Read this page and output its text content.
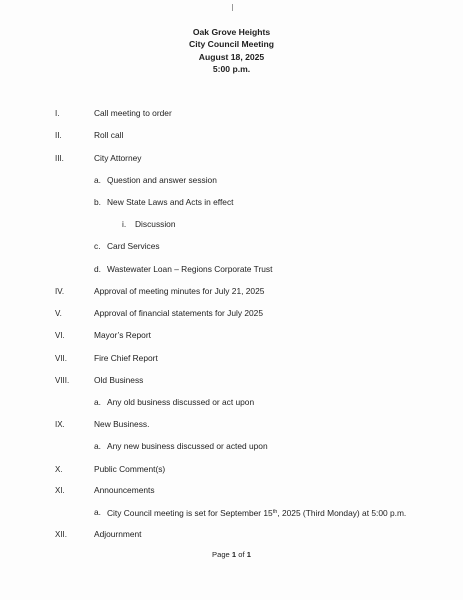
Oak Grove Heights
City Council Meeting
August 18, 2025
5:00 p.m.
I.	Call meeting to order
II.	Roll call
III.	City Attorney
a. Question and answer session
b. New State Laws and Acts in effect
i. Discussion
c. Card Services
d. Wastewater Loan – Regions Corporate Trust
IV.	Approval of meeting minutes for July 21, 2025
V.	Approval of financial statements for July 2025
VI.	Mayor’s Report
VII.	Fire Chief Report
VIII.	Old Business
a. Any old business discussed or act upon
IX.	New Business.
a. Any new business discussed or acted upon
X.	Public Comment(s)
XI.	Announcements
a. City Council meeting is set for September 15th, 2025 (Third Monday) at 5:00 p.m.
XII.	Adjournment
Page 1 of 1
